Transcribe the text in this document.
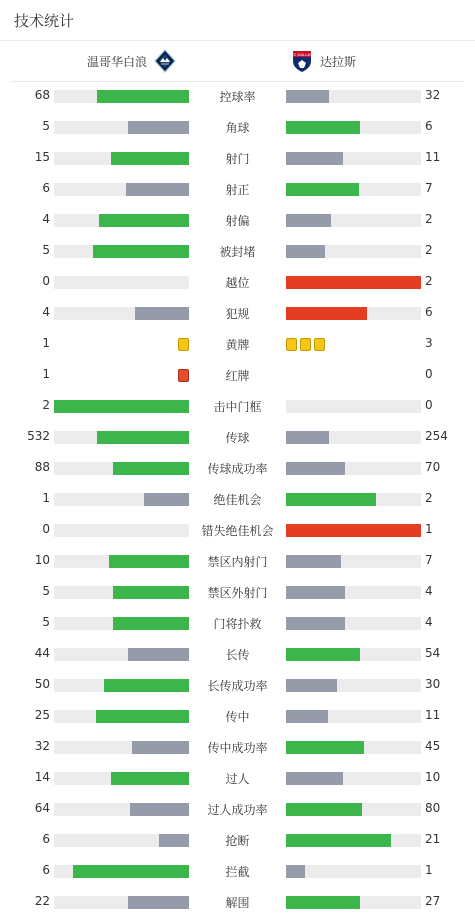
技术统计
温哥华白浪	FC DALLAS 达拉斯
68	控球率	32
5	角球	6
15	射门	11
6	射正	7
4	射偏	2
5	被封堵	2
0	越位	2
4	犯规	6
1	黄牌	3
1	红牌	0
2	击中门框	0
532	传球	254
88	传球成功率	70
1	绝佳机会	2
0	错失绝佳机会	1
10	禁区内射门	7
5	禁区外射门	4
5	门将扑救	4
44	长传	54
50	长传成功率	30
25	传中	11
32	传中成功率	45
14	过人	10
64	过人成功率	80
6	抢断	21
6	拦截	1
22	解围	27
